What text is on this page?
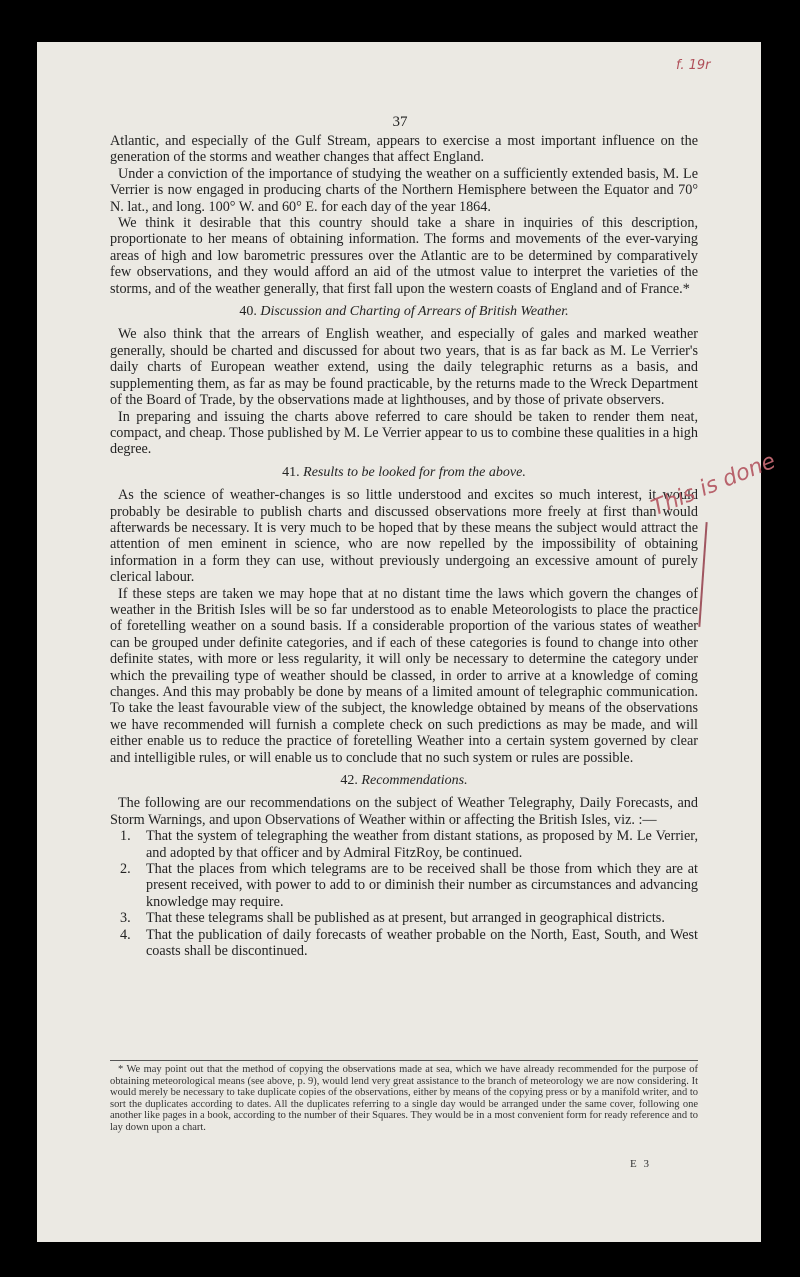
f. 19r
37

Atlantic, and especially of the Gulf Stream, appears to exercise a most important influence on the generation of the storms and weather changes that affect England.

Under a conviction of the importance of studying the weather on a sufficiently extended basis, M. Le Verrier is now engaged in producing charts of the Northern Hemisphere between the Equator and 70° N. lat., and long. 100° W. and 60° E. for each day of the year 1864.

We think it desirable that this country should take a share in inquiries of this description, proportionate to her means of obtaining information. The forms and movements of the ever-varying areas of high and low barometric pressures over the Atlantic are to be determined by comparatively few observations, and they would afford an aid of the utmost value to interpret the varieties of the storms, and of the weather generally, that first fall upon the western coasts of England and of France.*

40. Discussion and Charting of Arrears of British Weather.

We also think that the arrears of English weather, and especially of gales and marked weather generally, should be charted and discussed for about two years, that is as far back as M. Le Verrier's daily charts of European weather extend, using the daily telegraphic returns as a basis, and supplementing them, as far as may be found practicable, by the returns made to the Wreck Department of the Board of Trade, by the observations made at lighthouses, and by those of private observers.

In preparing and issuing the charts above referred to care should be taken to render them neat, compact, and cheap. Those published by M. Le Verrier appear to us to combine these qualities in a high degree.

41. Results to be looked for from the above.

As the science of weather-changes is so little understood and excites so much interest, it would probably be desirable to publish charts and discussed observations more freely at first than would afterwards be necessary. It is very much to be hoped that by these means the subject would attract the attention of men eminent in science, who are now repelled by the impossibility of obtaining information in a form they can use, without previously undergoing an excessive amount of purely clerical labour.

If these steps are taken we may hope that at no distant time the laws which govern the changes of weather in the British Isles will be so far understood as to enable Meteorologists to place the practice of foretelling weather on a sound basis. If a considerable proportion of the various states of weather can be grouped under definite categories, and if each of these categories is found to change into other definite states, with more or less regularity, it will only be necessary to determine the category under which the prevailing type of weather should be classed, in order to arrive at a knowledge of coming changes. And this may probably be done by means of a limited amount of telegraphic communication. To take the least favourable view of the subject, the knowledge obtained by means of the observations we have recommended will furnish a complete check on such predictions as may be made, and will either enable us to reduce the practice of foretelling Weather into a certain system governed by clear and intelligible rules, or will enable us to conclude that no such system or rules are possible.

42. Recommendations.

The following are our recommendations on the subject of Weather Telegraphy, Daily Forecasts, and Storm Warnings, and upon Observations of Weather within or affecting the British Isles, viz. :—

1. That the system of telegraphing the weather from distant stations, as proposed by M. Le Verrier, and adopted by that officer and by Admiral FitzRoy, be continued.
2. That the places from which telegrams are to be received shall be those from which they are at present received, with power to add to or diminish their number as circumstances and advancing knowledge may require.
3. That these telegrams shall be published as at present, but arranged in geographical districts.
4. That the publication of daily forecasts of weather probable on the North, East, South, and West coasts shall be discontinued.
This is done

* We may point out that the method of copying the observations made at sea, which we have already recommended for the purpose of obtaining meteorological means (see above, p. 9), would lend very great assistance to the branch of meteorology we are now considering. It would merely be necessary to take duplicate copies of the observations, either by means of the copying press or by a manifold writer, and to sort the duplicates according to dates. All the duplicates referring to a single day would be arranged under the same cover, following one another like pages in a book, according to the number of their Squares. They would be in a most convenient form for ready reference and to lay down upon a chart.

E 3
